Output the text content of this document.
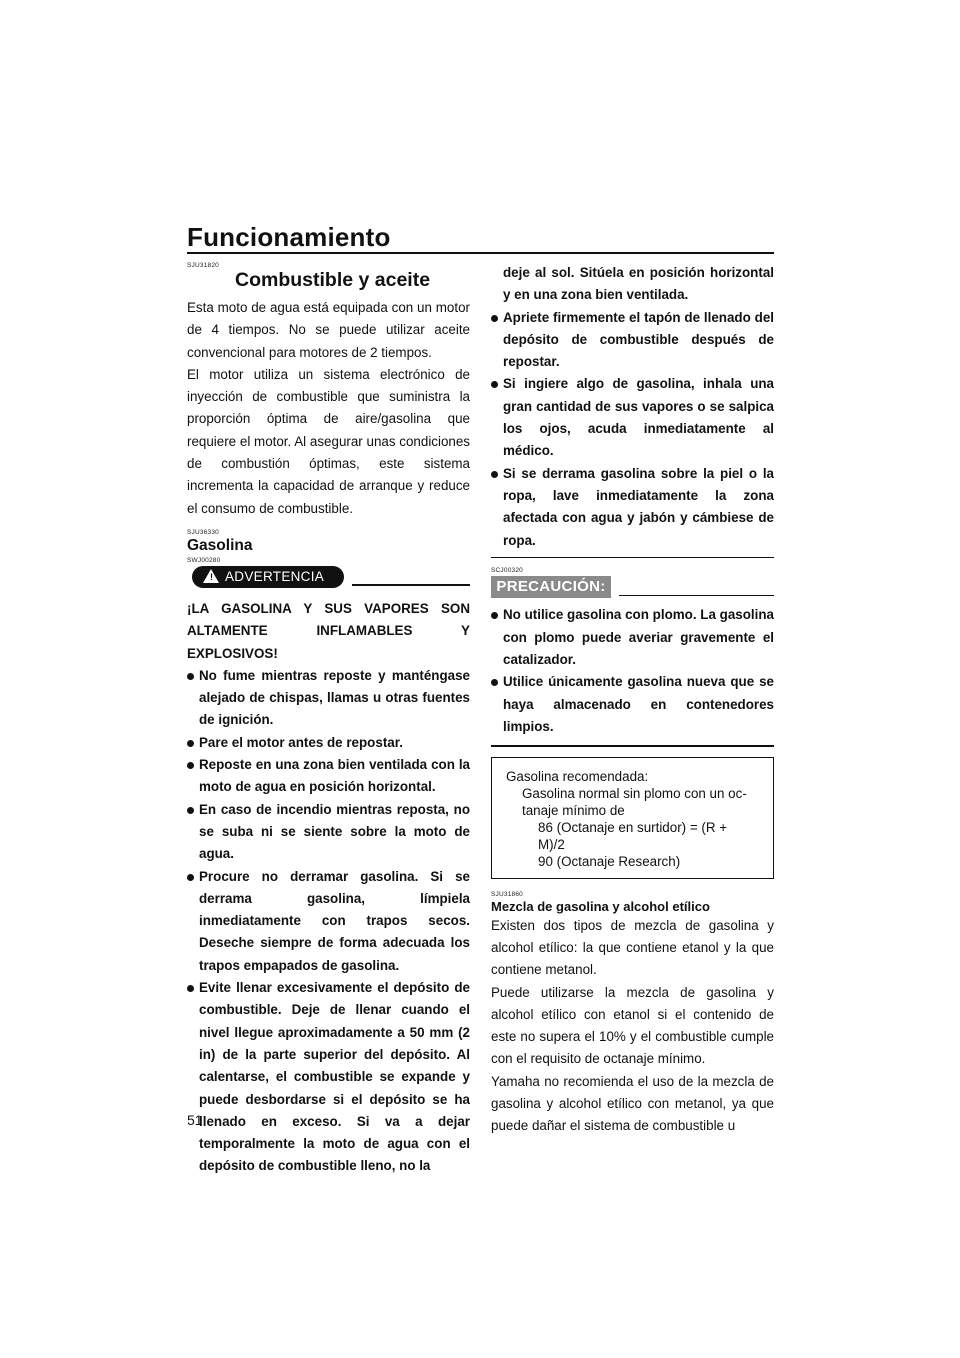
Funcionamiento
SJU31820
Combustible y aceite

Esta moto de agua está equipada con un motor de 4 tiempos. No se puede utilizar aceite convencional para motores de 2 tiempos.

El motor utiliza un sistema electrónico de inyección de combustible que suministra la proporción óptima de aire/gasolina que requiere el motor. Al asegurar unas condiciones de combustión óptimas, este sistema incrementa la capacidad de arranque y reduce el consumo de combustible.

SJU36330
Gasolina
SWJ00280
! ADVERTENCIA

¡LA GASOLINA Y SUS VAPORES SON ALTAMENTE INFLAMABLES Y EXPLOSIVOS!

No fume mientras reposte y manténgase alejado de chispas, llamas u otras fuentes de ignición.
Pare el motor antes de repostar.
Reposte en una zona bien ventilada con la moto de agua en posición horizontal.
En caso de incendio mientras reposta, no se suba ni se siente sobre la moto de agua.
Procure no derramar gasolina. Si se derrama gasolina, límpiela inmediatamente con trapos secos. Deseche siempre de forma adecuada los trapos empapados de gasolina.
Evite llenar excesivamente el depósito de combustible. Deje de llenar cuando el nivel llegue aproximadamente a 50 mm (2 in) de la parte superior del depósito. Al calentarse, el combustible se expande y puede desbordarse si el depósito se ha llenado en exceso. Si va a dejar temporalmente la moto de agua con el depósito de combustible lleno, no la

deje al sol. Sitúela en posición horizontal y en una zona bien ventilada.

Apriete firmemente el tapón de llenado del depósito de combustible después de repostar.
Si ingiere algo de gasolina, inhala una gran cantidad de sus vapores o se salpica los ojos, acuda inmediatamente al médico.
Si se derrama gasolina sobre la piel o la ropa, lave inmediatamente la zona afectada con agua y jabón y cámbiese de ropa.
SCJ00320
PRECAUCIÓN:
No utilice gasolina con plomo. La gasolina con plomo puede averiar gravemente el catalizador.
Utilice únicamente gasolina nueva que se haya almacenado en contenedores limpios.
Gasolina recomendada:
Gasolina normal sin plomo con un oc-
tanaje mínimo de
86 (Octanaje en surtidor) = (R +
M)/2
90 (Octanaje Research)
SJU31860
Mezcla de gasolina y alcohol etílico

Existen dos tipos de mezcla de gasolina y alcohol etílico: la que contiene etanol y la que contiene metanol.

Puede utilizarse la mezcla de gasolina y alcohol etílico con etanol si el contenido de este no supera el 10% y el combustible cumple con el requisito de octanaje mínimo.

Yamaha no recomienda el uso de la mezcla de gasolina y alcohol etílico con metanol, ya que puede dañar el sistema de combustible u

51
